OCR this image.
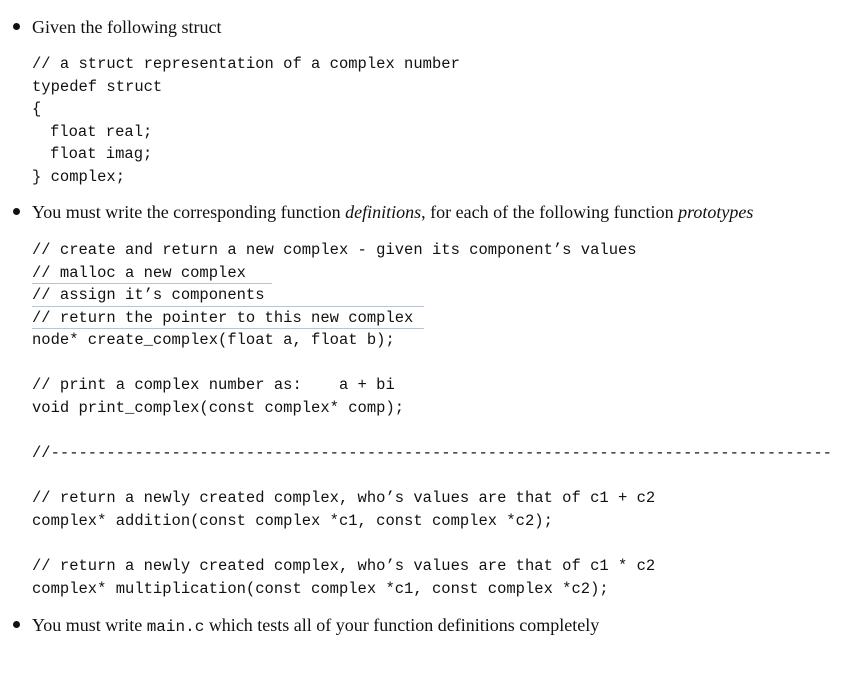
Given the following struct
// a struct representation of a complex number
typedef struct
{
float real;
float imag;
} complex;
You must write the corresponding function definitions, for each of the following function prototypes
// create and return a new complex - given its component’s values
// malloc a new complex
// assign it’s components
// return the pointer to this new complex
node* create_complex(float a, float b);
// print a complex number as:    a + bi
void print_complex(const complex* comp);
//------------------------------------------------------------------------------------
// return a newly created complex, who’s values are that of c1 + c2
complex* addition(const complex *c1, const complex *c2);
// return a newly created complex, who’s values are that of c1 * c2
complex* multiplication(const complex *c1, const complex *c2);
You must write main.c which tests all of your function definitions completely
